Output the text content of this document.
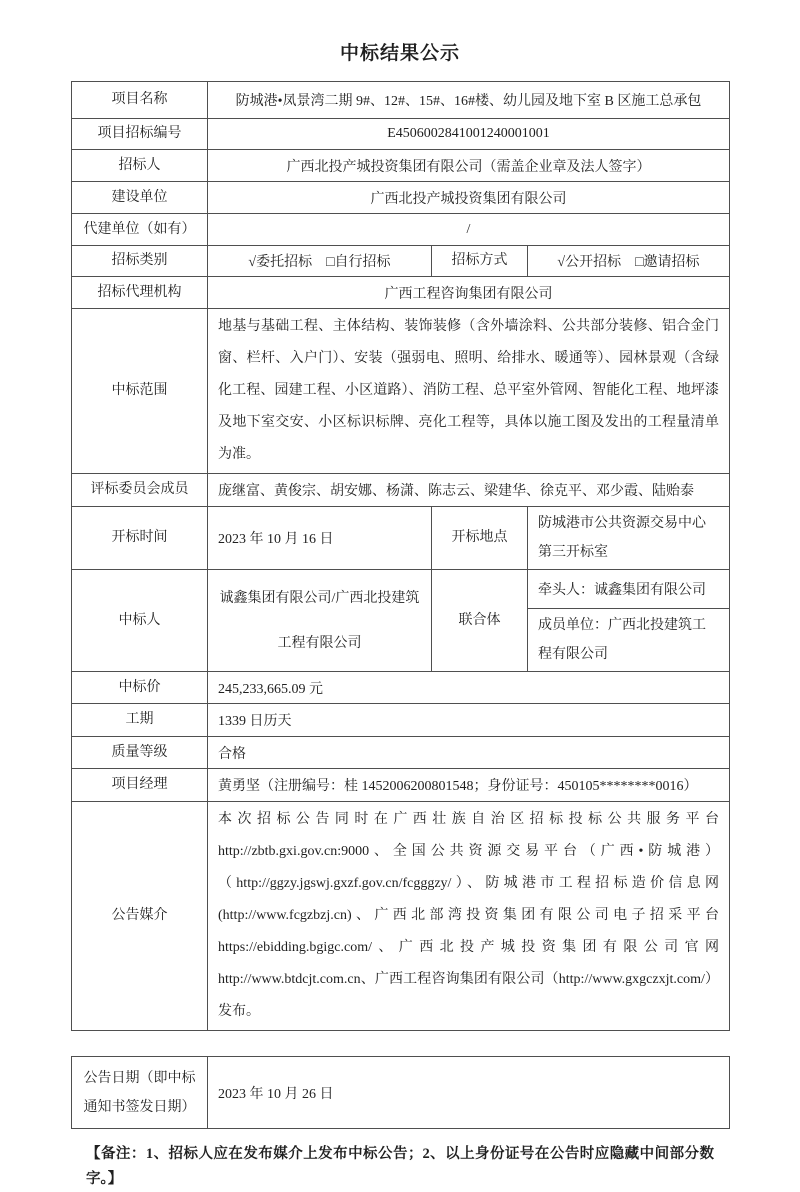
中标结果公示
项目名称	防城港•凤景湾二期 9#、12#、15#、16#楼、幼儿园及地下室 B 区施工总承包		
项目招标编号	E4506002841001240001001		
招标人	广西北投产城投资集团有限公司（需盖企业章及法人签字）		
建设单位	广西北投产城投资集团有限公司		
代建单位（如有）	/		
招标类别	√委托招标　□自行招标	招标方式	√公开招标　□邀请招标
招标代理机构	广西工程咨询集团有限公司		
中标范围	地基与基础工程、主体结构、装饰装修（含外墙涂料、公共部分装修、铝合金门窗、栏杆、入户门）、安装（强弱电、照明、给排水、暖通等）、园林景观（含绿化工程、园建工程、小区道路）、消防工程、总平室外管网、智能化工程、地坪漆及地下室交安、小区标识标牌、亮化工程等，具体以施工图及发出的工程量清单为准。		
评标委员会成员	庞继富、黄俊宗、胡安娜、杨潇、陈志云、梁建华、徐克平、邓少霞、陆贻泰		
开标时间	2023 年 10 月 16 日	开标地点	防城港市公共资源交易中心第三开标室
中标人	诚鑫集团有限公司/广西北投建筑工程有限公司	联合体	牵头人：诚鑫集团有限公司
			成员单位：广西北投建筑工程有限公司
中标价	245,233,665.09 元		
工期	1339 日历天		
质量等级	合格		
项目经理	黄勇坚（注册编号：桂 1452006200801548；身份证号：450105********0016）		
公告媒介	本次招标公告同时在广西壮族自治区招标投标公共服务平台http://zbtb.gxi.gov.cn:9000、全国公共资源交易平台（广西•防城港）（http://ggzy.jgswj.gxzf.gov.cn/fcgggzy/）、防城港市工程招标造价信息网(http://www.fcgzbzj.cn)、广西北部湾投资集团有限公司电子招采平台https://ebidding.bgigc.com/、广西北投产城投资集团有限公司官网http://www.btdcjt.com.cn、广西工程咨询集团有限公司（http://www.gxgczxjt.com/）发布。		
公告日期（即中标通知书签发日期）	2023 年 10 月 26 日
【备注：1、招标人应在发布媒介上发布中标公告；2、以上身份证号在公告时应隐藏中间部分数字。】
